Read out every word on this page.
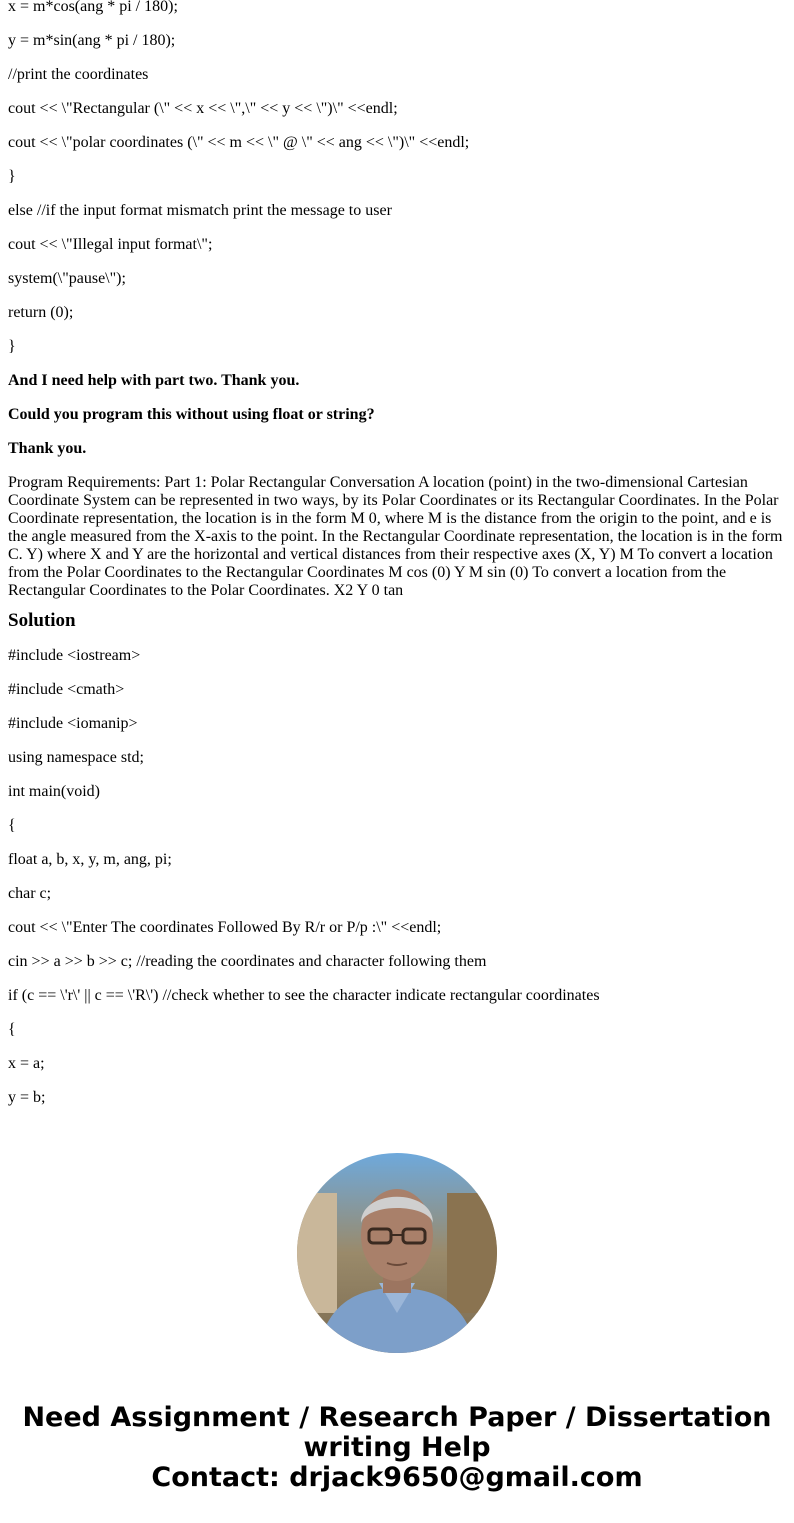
x = m*cos(ang * pi / 180);

y = m*sin(ang * pi / 180);

//print the coordinates

cout << \"Rectangular (\" << x << \",\" << y << \")\" <<endl;

cout << \"polar coordinates (\" << m << \" @ \" << ang << \")\" <<endl;

}

else //if the input format mismatch print the message to user

cout << \"Illegal input format\";

system(\"pause\");

return (0);

}

And I need help with part two. Thank you.

Could you program this without using float or string?

Thank you.

Program Requirements: Part 1: Polar Rectangular Conversation A location (point) in the two-dimensional Cartesian Coordinate System can be represented in two ways, by its Polar Coordinates or its Rectangular Coordinates. In the Polar Coordinate representation, the location is in the form M 0, where M is the distance from the origin to the point, and e is the angle measured from the X-axis to the point. In the Rectangular Coordinate representation, the location is in the form C. Y) where X and Y are the horizontal and vertical distances from their respective axes (X, Y) M To convert a location from the Polar Coordinates to the Rectangular Coordinates M cos (0) Y M sin (0) To convert a location from the Rectangular Coordinates to the Polar Coordinates. X2 Y 0 tan

Solution

#include <iostream>

#include <cmath>

#include <iomanip>

using namespace std;

int main(void)

{

float a, b, x, y, m, ang, pi;

char c;

cout << \"Enter The coordinates Followed By R/r or P/p :\" <<endl;

cin >> a >> b >> c; //reading the coordinates and character following them

if (c == \'r\' || c == \'R\') //check whether to see the character indicate rectangular coordinates

{

x = a;

y = b;

Need Assignment / Research Paper / Dissertation
writing Help
Contact: drjack9650@gmail.com
